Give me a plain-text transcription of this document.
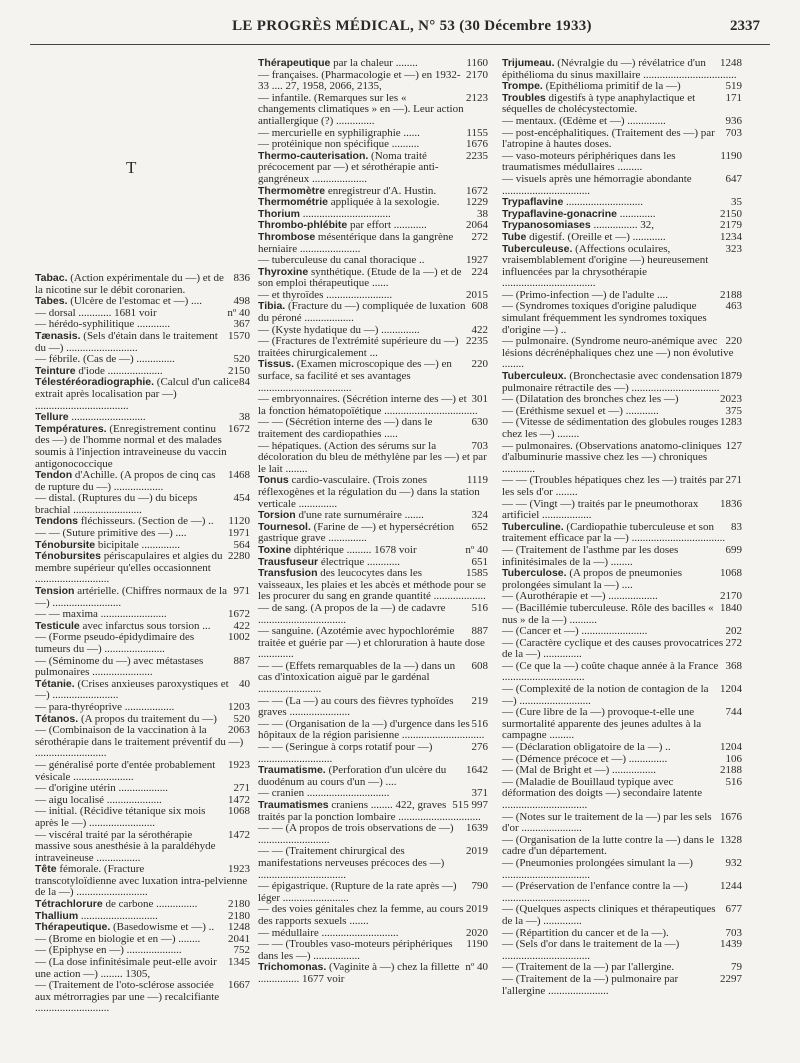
LE PROGRÈS MÉDICAL, N° 53 (30 Décembre 1933)	2337
T
836
Tabac. (Action expérimentale du —) et de la nicotine sur le débit coronarien.
498
Tabes. (Ulcère de l'estomac et —) ....
nº 40
— dorsal ............ 1681 voir
367
— hérédo-syphilitique ............
1570
Tænasis. (Sels d'étain dans le traitement du —) ..........................
520
— fébrile. (Cas de —) ..............
2150
Teinture d'iode ....................
84
Télestéréoradiographie. (Calcul d'un calice extrait après localisation par —) ..................................
38
Tellure ...........................
1672
Températures. (Enregistrement continu des —) de l'homme normal et des malades soumis à l'injection intraveineuse du vaccin antigonococcique
1468
Tendon d'Achille. (A propos de cinq cas de rupture du —) ..................
454
— distal. (Ruptures du —) du biceps brachial .........................
1120
Tendons fléchisseurs. (Section de —) ..
1971
— — (Suture primitive des —) ....
564
Ténobursite bicipitale ..............
2280
Ténobursites périscapulaires et algies du membre supérieur qu'elles occasionnent ...........................
971
Tension artérielle. (Chiffres normaux de la —) .........................
1672
— — maxima ........................
422
Testicule avec infarctus sous torsion ...
1002
— (Forme pseudo-épidydimaire des tumeurs du —) ......................
887
— (Séminome du —) avec métastases pulmonaires ......................
40
Tétanie. (Crises anxieuses paroxystiques et —) ........................
1203
— para-thyréoprive ..................
520
Tétanos. (A propos du traitement du —)
2063
— (Combinaison de la vaccination à la sérothérapie dans le traitement préventif du —) ..........................
1923
— généralisé porte d'entée probablement vésicale ......................
271
— d'origine utérin ..................
1472
— aigu localisé ....................
1068
— initial. (Récidive tétanique six mois après le —) ........................
1472
— viscéral traité par la sérothérapie massive sous anesthésie à la paraldéhyde intraveineuse ................
1923
Tête fémorale. (Fracture transcotyloïdienne avec luxation intra-pelvienne de la —) ..........................
2180
Tétrachlorure de carbone ...............
2180
Thallium ............................
1248
Thérapeutique. (Basedowisme et —) ..
2041
— (Brome en biologie et en —) ........
752
— (Epiphyse en —) ....................
1345
— (La dose infinitésimale peut-elle avoir une action —) ........ 1305,
1667
— (Traitement de l'oto-sclérose associée aux métrorragies par une —) recalcifiante ...........................
1160
Thérapeutique par la chaleur ........
2170
— françaises. (Pharmacologie et —) en 1932-33 .... 27, 1958, 2066, 2135,
2123
— infantile. (Remarques sur les « changements climatiques » en —). Leur action antiallergique (?) ..............
1155
— mercurielle en syphiligraphie ......
1676
— protéinique non spécifique ..........
2235
Thermo-cauterisation. (Noma traité précocement par —) et sérothérapie anti-gangréneux ....................
1672
Thermomètre enregistreur d'A. Hustin.
1229
Thermométrie appliquée à la sexologie.
38
Thorium ................................
2064
Thrombo-phlébite par effort ............
272
Thrombose mésentérique dans la gangrène herniaire ......................
1927
— tuberculeuse du canal thoracique ..
224
Thyroxine synthétique. (Etude de la —) et de son emploi thérapeutique ......
2015
— et thyroïdes ........................
608
Tibia. (Fracture du —) compliquée de luxation du péroné ..................
422
— (Kyste hydatique du —) ..............
2235
— (Fractures de l'extrémité supérieure du —) traitées chirurgicalement ...
220
Tissus. (Examen microscopique des —) en surface, sa facilité et ses avantages ..................................
301
— embryonnaires. (Sécrétion interne des —) et la fonction hématopoïétique ..................................
630
— — (Sécrétion interne des —) dans le traitement des cardiopathies .....
703
— hépatiques. (Action des sérums sur la décoloration du bleu de méthylène par les —) et par le lait ........
1119
Tonus cardio-vasculaire. (Trois zones réflexogènes et la régulation du —) dans la station verticale ..............
324
Torsion d'une rate surnuméraire .......
652
Tournesol. (Farine de —) et hypersécrétion gastrique grave ..............
nº 40
Toxine diphtérique ......... 1678 voir
651
Trausfuseur électrique ............
1585
Transfusion des leucocytes dans les vaisseaux, les plaies et les abcès et méthode pour se les procurer du sang en grande quantité ...................
516
— de sang. (A propos de la —) de cadavre ................................
887
— sanguine. (Azotémie avec hypochlorémie traitée et guérie par —) et chloruration à haute dose .............
608
— — (Effets remarquables de la —) dans un cas d'intoxication aiguë par le gardénal .......................
219
— — (La —) au cours des fièvres typhoïdes graves ......................
516
— — (Organisation de la —) d'urgence dans les hôpitaux de la région parisienne ..............................
276
— — (Seringue à corps rotatif pour —) ...........................
1642
Traumatisme. (Perforation d'un ulcère du duodénum au cours d'un —) ....
371
— cranien ..............................
515 997
Traumatismes craniens ........ 422, graves traités par la ponction lombaire ..............................
1639
— — (A propos de trois observations de —) ..........................
2019
— — (Traitement chirurgical des manifestations nerveuses précoces des —) ................................
790
— épigastrique. (Rupture de la rate après —) léger ........................
2019
— des voies génitales chez la femme, au cours des rapports sexuels .......
2020
— médullaire ............................
1190
— — (Troubles vaso-moteurs périphériques dans les —) .................
nº 40
Trichomonas. (Vaginite à —) chez la fillette ............... 1677 voir
1248
Trijumeau. (Névralgie du —) révélatrice d'un épithélioma du sinus maxillaire ..................................
519
Trompe. (Epithélioma primitif de la —)
171
Troubles digestifs à type anaphylactique et séquelles de cholécystectomie.
936
— mentaux. (Œdème et —) ..............
703
— post-encéphalitiques. (Traitement des —) par l'atropine à hautes doses.
1190
— vaso-moteurs périphériques dans les traumatismes médullaires .........
647
— visuels après une hémorragie abondante ................................
35
Trypaflavine ............................
2150
Trypaflavine-gonacrine .............
2179
Trypanosomiases ................ 32,
1234
Tube digestif. (Oreille et —) ............
323
Tuberculeuse. (Affections oculaires, vraisemblablement d'origine —) heureusement influencées par la chrysothérapie ..................................
2188
— (Primo-infection —) de l'adulte ....
463
— (Syndromes toxiques d'origine paludique simulant fréquemment les syndromes toxiques d'origine —) ..
220
— pulmonaire. (Syndrome neuro-anémique avec lésions décrénéphaliques chez une —) non évolutive ........
1879
Tuberculeux. (Bronchectasie avec condensation pulmonaire rétractile des —) ................................
2023
— (Dilatation des bronches chez les —)
375
— (Eréthisme sexuel et —) ............
1283
— (Vitesse de sédimentation des globules rouges chez les —) ........
127
— pulmonaires. (Observations anatomo-cliniques d'albuminurie massive chez les —) chroniques ............
271
— — (Troubles hépatiques chez les —) traités par les sels d'or ........
1836
— — (Vingt —) traités par le pneumothorax artificiel ..................
83
Tuberculine. (Cardiopathie tuberculeuse et son traitement efficace par la —) ..................................
699
— (Traitement de l'asthme par les doses infinitésimales de la —) ........
1068
Tuberculose. (A propos de pneumonies prolongées simulant la —) ....
2170
— (Aurothérapie et —) ..................
1840
— (Bacillémie tuberculeuse. Rôle des bacilles « nus » de la —) ..........
202
— (Cancer et —) ........................
272
— (Caractère cyclique et des causes provocatrices de la —) ..............
368
— (Ce que la —) coûte chaque année à la France ..............................
1204
— (Complexité de la notion de contagion de la —) ..........................
744
— (Cure libre de la —) provoque-t-elle une surmortalité apparente des jeunes adultes à la campagne .........
1204
— (Déclaration obligatoire de la —) ..
106
— (Démence précoce et —) ..............
2188
— (Mal de Bright et —) ................
516
— (Maladie de Bouillaud typique avec déformation des doigts —) secondaire latente ...............................
1676
— (Notes sur le traitement de la —) par les sels d'or ......................
1328
— (Organisation de la lutte contre la —) dans le cadre d'un département.
932
— (Pneumonies prolongées simulant la —) ................................
1244
— (Préservation de l'enfance contre la —) ................................
677
— (Quelques aspects cliniques et thérapeutiques de la —) ..............
703
— (Répartition du cancer et de la —).
1439
— (Sels d'or dans le traitement de la —) ................................
79
— (Traitement de la —) par l'allergine.
2297
— (Traitement de la —) pulmonaire par l'allergine ......................
